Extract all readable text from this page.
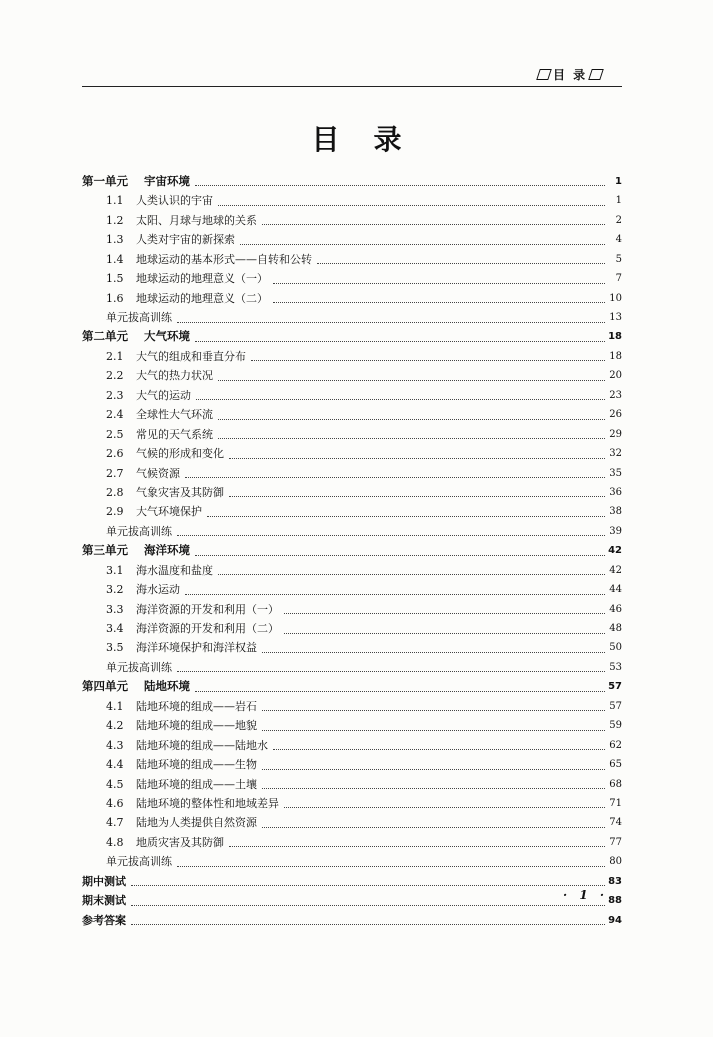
目 录
目录
第一单元	宇宙环境	1
1.1	人类认识的宇宙	1
1.2	太阳、月球与地球的关系	2
1.3	人类对宇宙的新探索	4
1.4	地球运动的基本形式——自转和公转	5
1.5	地球运动的地理意义（一）	7
1.6	地球运动的地理意义（二）	10
单元拔高训练	13
第二单元	大气环境	18
2.1	大气的组成和垂直分布	18
2.2	大气的热力状况	20
2.3	大气的运动	23
2.4	全球性大气环流	26
2.5	常见的天气系统	29
2.6	气候的形成和变化	32
2.7	气候资源	35
2.8	气象灾害及其防御	36
2.9	大气环境保护	38
单元拔高训练	39
第三单元	海洋环境	42
3.1	海水温度和盐度	42
3.2	海水运动	44
3.3	海洋资源的开发和利用（一）	46
3.4	海洋资源的开发和利用（二）	48
3.5	海洋环境保护和海洋权益	50
单元拔高训练	53
第四单元	陆地环境	57
4.1	陆地环境的组成——岩石	57
4.2	陆地环境的组成——地貌	59
4.3	陆地环境的组成——陆地水	62
4.4	陆地环境的组成——生物	65
4.5	陆地环境的组成——土壤	68
4.6	陆地环境的整体性和地域差异	71
4.7	陆地为人类提供自然资源	74
4.8	地质灾害及其防御	77
单元拔高训练	80
期中测试	83
期末测试	88
参考答案	94
· 1 ·
